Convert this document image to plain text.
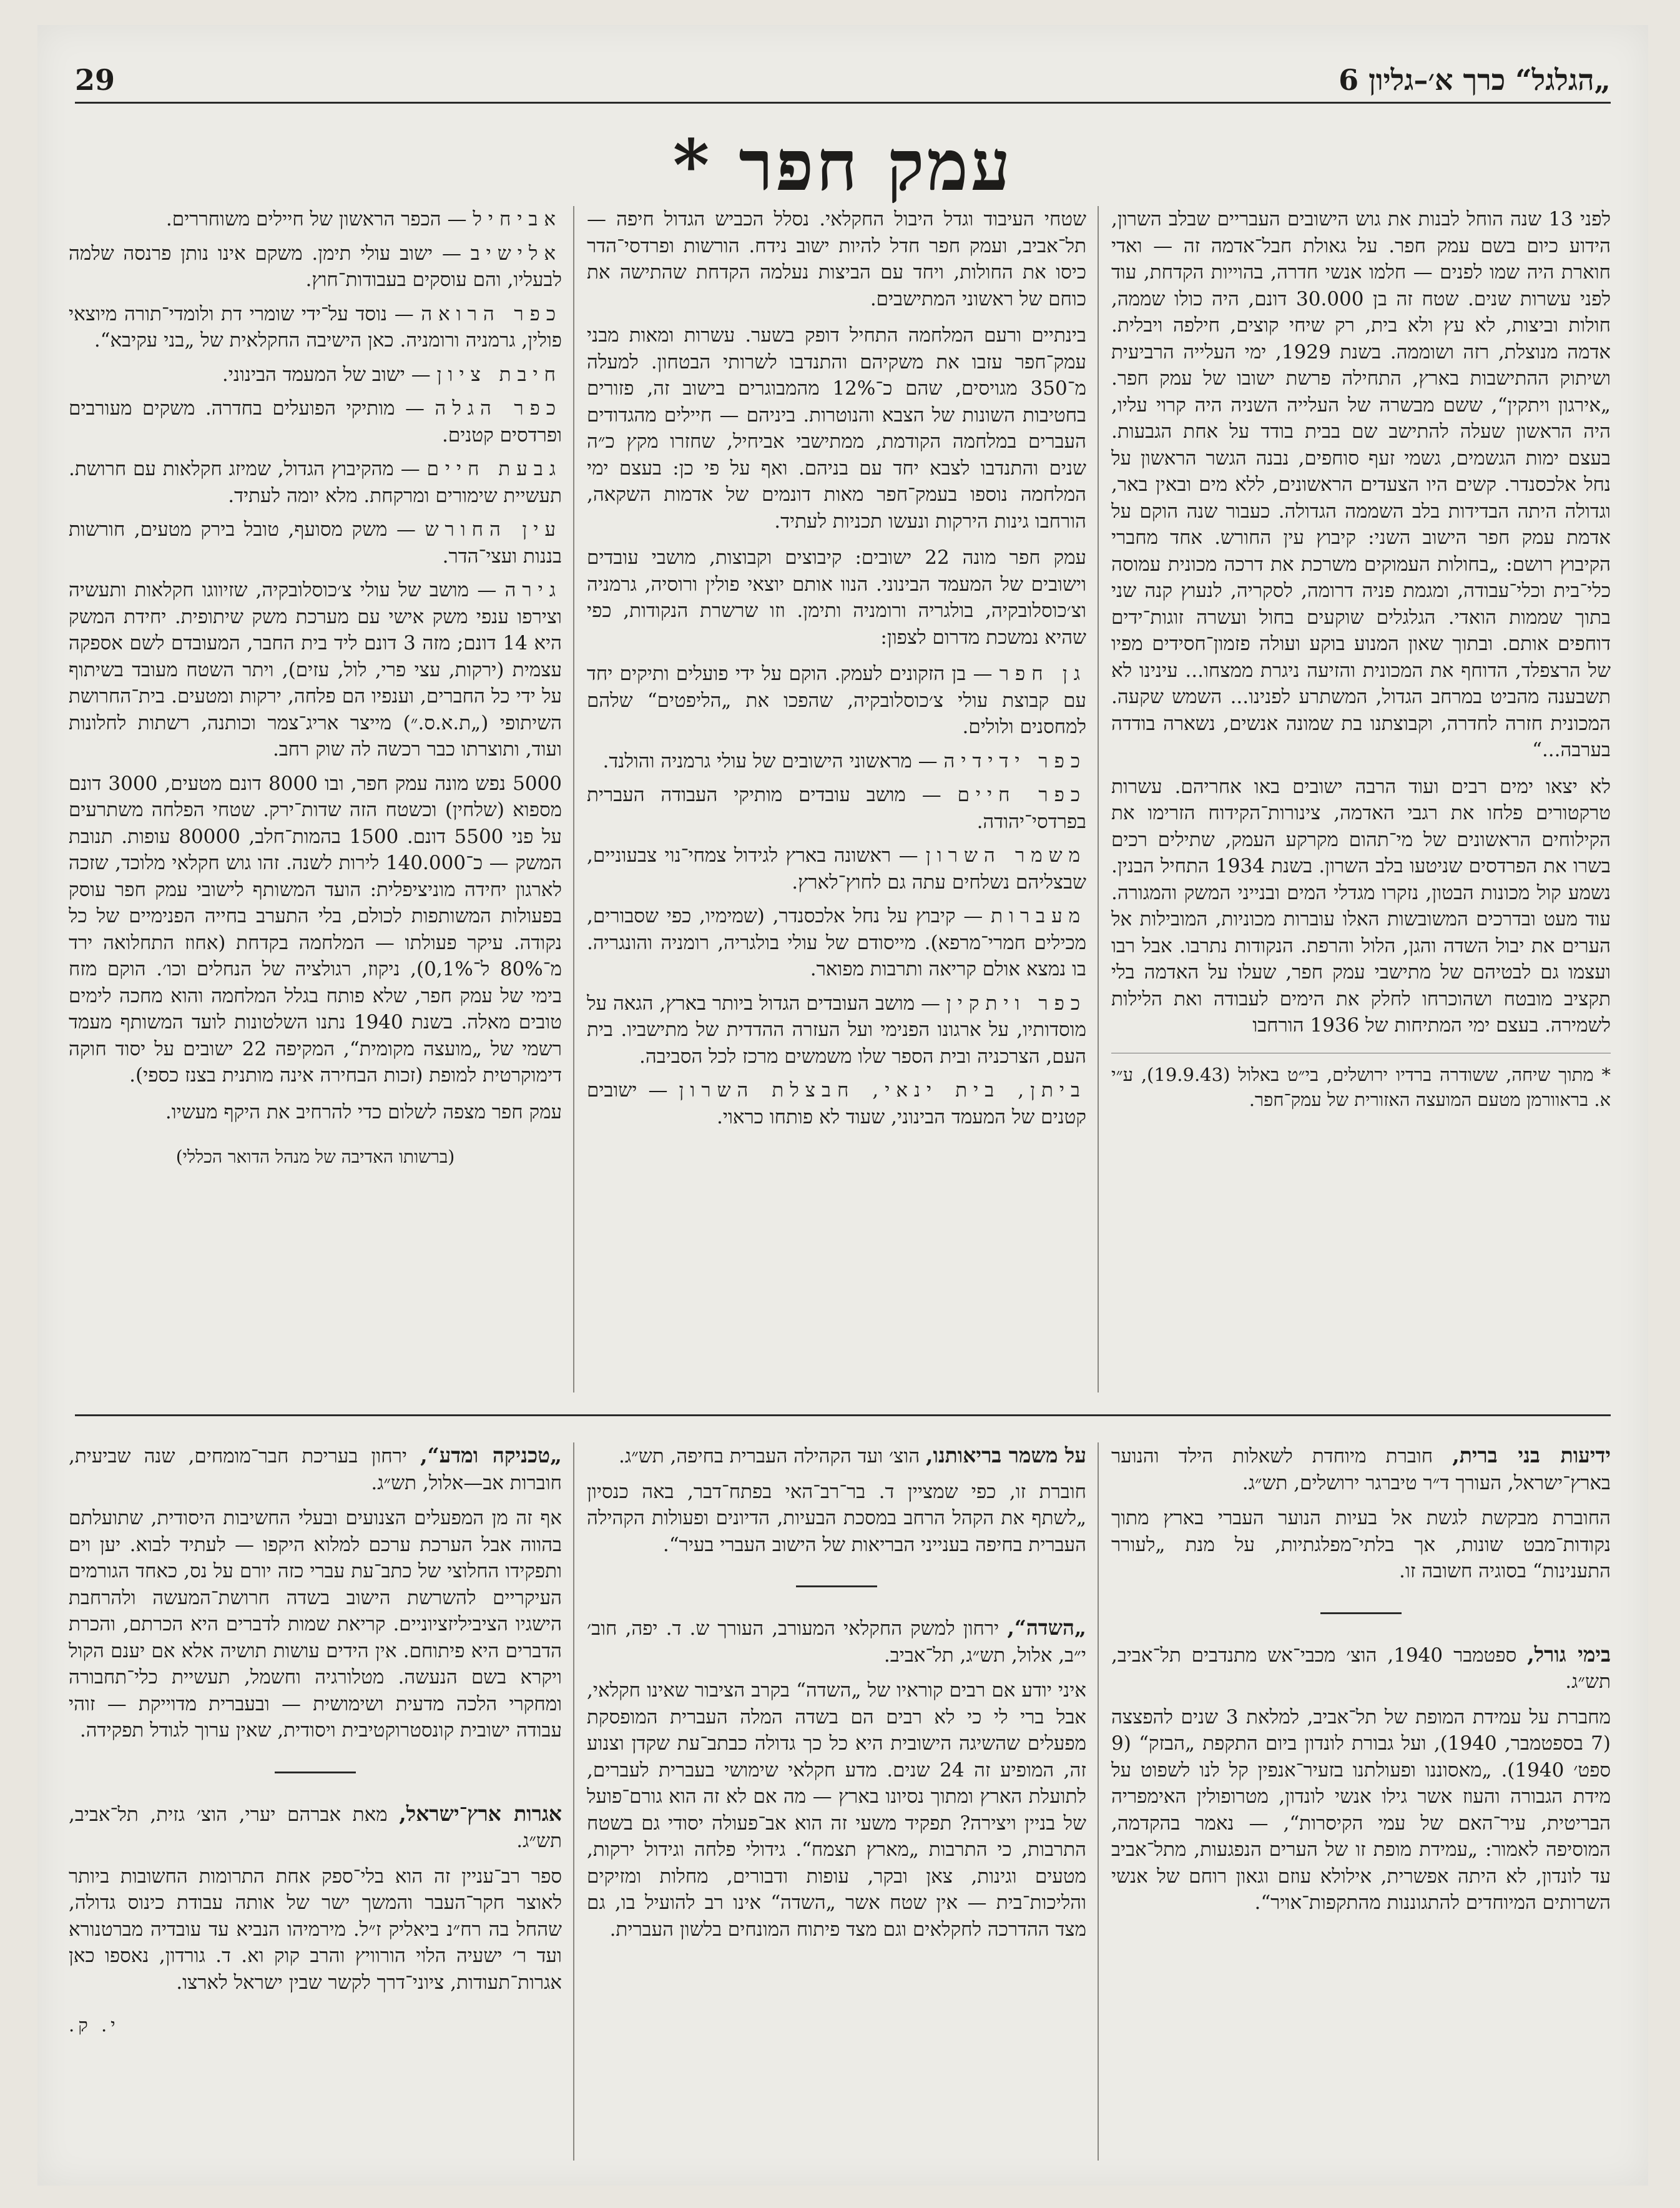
„הגלגל“ כרך א׳–גליון 6
29
עמק חפר *

לפני 13 שנה הוחל לבנות את גוש הישובים העבריים שבלב השרון, הידוע כיום בשם עמק חפר. על גאולת חבל־אדמה זה — ואדי חוארת היה שמו לפנים — חלמו אנשי חדרה, בהוייות הקדחת, עוד לפני עשרות שנים. שטח זה בן 30.000 דונם, היה כולו שממה, חולות וביצות, לא עץ ולא בית, רק שיחי קוצים, חילפה ויבלית. אדמה מנוצלת, רזה ושוממה. בשנת 1929, ימי העלייה הרביעית ושיתוק ההתישבות בארץ, התחילה פרשת ישובו של עמק חפר. „אירגון ויתקין“, ששם מבשרה של העלייה השניה היה קרוי עליו, היה הראשון שעלה להתישב שם בבית בודד על אחת הגבעות. בעצם ימות הגשמים, גשמי זעף סוחפים, נבנה הגשר הראשון על נחל אלכסנדר. קשים היו הצעדים הראשונים, ללא מים ובאין באר, וגדולה היתה הבדידות בלב השממה הגדולה. כעבור שנה הוקם על אדמת עמק חפר הישוב השני: קיבוץ עין החורש. אחד מחברי הקיבוץ רושם: „בחולות העמוקים משרכת את דרכה מכונית עמוסה כלי־בית וכלי־עבודה, ומגמת פניה דרומה, לסקריה, לנעוץ קנה שני בתוך שממות הואדי. הגלגלים שוקעים בחול ועשרה זוגות־ידים דוחפים אותם. ובתוך שאון המנוע בוקע ועולה פזמון־חסידים מפיו של הרצפלד, הדוחף את המכונית והזיעה ניגרת ממצחו... עינינו לא תשבענה מהביט במרחב הגדול, המשתרע לפנינו... השמש שקעה. המכונית חזרה לחדרה, וקבוצתנו בת שמונה אנשים, נשארה בודדה בערבה...“

לא יצאו ימים רבים ועוד הרבה ישובים באו אחריהם. עשרות טרקטורים פלחו את רגבי האדמה, צינורות־הקידוח הזרימו את הקילוחים הראשונים של מי־תהום מקרקע העמק, שתילים רכים בשרו את הפרדסים שניטעו בלב השרון. בשנת 1934 התחיל הבנין. נשמע קול מכונות הבטון, נזקרו מגדלי המים ובנייני המשק והמגורה. עוד מעט ובדרכים המשובשות האלו עוברות מכוניות, המובילות אל הערים את יבול השדה והגן, הלול והרפת. הנקודות נתרבו. אבל רבו ועצמו גם לבטיהם של מתישבי עמק חפר, שעלו על האדמה בלי תקציב מובטח ושהוכרחו לחלק את הימים לעבודה ואת הלילות לשמירה. בעצם ימי המתיחות של 1936 הורחבו

* מתוך שיחה, ששודרה ברדיו ירושלים, בי״ט באלול (19.9.43), ע״י א. בראוורמן מטעם המועצה האזורית של עמק־חפר.

שטחי העיבוד וגדל היבול החקלאי. נסלל הכביש הגדול חיפה — תל־אביב, ועמק חפר חדל להיות ישוב נידח. הורשות ופרדסי־הדר כיסו את החולות, ויחד עם הביצות נעלמה הקדחת שהתישה את כוחם של ראשוני המתישבים.

בינתיים ורעם המלחמה התחיל דופק בשער. עשרות ומאות מבני עמק־חפר עזבו את משקיהם והתנדבו לשרותי הבטחון. למעלה מ־350 מגויסים, שהם כ־12% מהמבוגרים בישוב זה, פזורים בחטיבות השונות של הצבא והנוטרות. ביניהם — חיילים מהגדודים העברים במלחמה הקודמת, ממתישבי אביחיל, שחזרו מקץ כ״ה שנים והתנדבו לצבא יחד עם בניהם. ואף על פי כן: בעצם ימי המלחמה נוספו בעמק־חפר מאות דונמים של אדמות השקאה, הורחבו גינות הירקות ונעשו תכניות לעתיד.

עמק חפר מונה 22 ישובים: קיבוצים וקבוצות, מושבי עובדים וישובים של המעמד הבינוני. הנוו אותם יוצאי פולין ורוסיה, גרמניה וצ׳כוסלובקיה, בולגריה ורומניה ותימן. וזו שרשרת הנקודות, כפי שהיא נמשכת מדרום לצפון:

גן חפר — בן הזקונים לעמק. הוקם על ידי פועלים ותיקים יחד עם קבוצת עולי צ׳כוסלובקיה, שהפכו את „הליפטים“ שלהם למחסנים ולולים.

כפר ידידיה — מראשוני הישובים של עולי גרמניה והולנד.

כפר חיים — מושב עובדים מותיקי העבודה העברית בפרדסי־יהודה.

משמר השרון — ראשונה בארץ לגידול צמחי־נוי צבעוניים, שבצליהם נשלחים עתה גם לחוץ־לארץ.

מעברות — קיבוץ על נחל אלכסנדר, (שמימיו, כפי שסבורים, מכילים חמרי־מרפא). מייסודם של עולי בולגריה, רומניה והונגריה. בו נמצא אולם קריאה ותרבות מפואר.

כפר ויתקין — מושב העובדים הגדול ביותר בארץ, הגאה על מוסדותיו, על ארגונו הפנימי ועל העזרה ההדדית של מתישביו. בית העם, הצרכניה ובית הספר שלו משמשים מרכז לכל הסביבה.

ביתן, בית ינאי, חבצלת השרון — ישובים קטנים של המעמד הבינוני, שעוד לא פותחו כראוי.

אביחיל — הכפר הראשון של חיילים משוחררים.

אלישיב — ישוב עולי תימן. משקם אינו נותן פרנסה שלמה לבעליו, והם עוסקים בעבודות־חוץ.

כפר הרואה — נוסד על־ידי שומרי דת ולומדי־תורה מיוצאי פולין, גרמניה ורומניה. כאן הישיבה החקלאית של „בני עקיבא“.

חיבת ציון — ישוב של המעמד הבינוני.

כפר הגלה — מותיקי הפועלים בחדרה. משקים מעורבים ופרדסים קטנים.

גבעת חיים — מהקיבוץ הגדול, שמיזג חקלאות עם חרושת. תעשיית שימורים ומרקחת. מלא יומה לעתיד.

עין החורש — משק מסועף, טובל בירק מטעים, חורשות בננות ועצי־הדר.

גירה — מושב של עולי צ׳כוסלובקיה, שזיווגו חקלאות ותעשיה וצירפו ענפי משק אישי עם מערכת משק שיתופית. יחידת המשק היא 14 דונם; מזה 3 דונם ליד בית החבר, המעובדם לשם אספקה עצמית (ירקות, עצי פרי, לול, עזים), ויתר השטח מעובד בשיתוף על ידי כל החברים, וענפיו הם פלחה, ירקות ומטעים. בית־החרושת השיתופי („ת.א.ס.״) מייצר אריג־צמר וכותנה, רשתות לחלונות ועוד, ותוצרתו כבר רכשה לה שוק רחב.

5000 נפש מונה עמק חפר, ובו 8000 דונם מטעים, 3000 דונם מספוא (שלחין) וכשטח הזה שדות־ירק. שטחי הפלחה משתרעים על פני 5500 דונם. 1500 בהמות־חלב, 80000 עופות. תנובת המשק — כ־140.000 לירות לשנה. זהו גוש חקלאי מלוכד, שזכה לארגון יחידה מוניציפלית: הועד המשותף לישובי עמק חפר עוסק בפעולות המשותפות לכולם, בלי התערב בחייה הפנימיים של כל נקודה. עיקר פעולתו — המלחמה בקדחת (אחוז התחלואה ירד מ־80% ל־0,1%), ניקוז, רגולציה של הנחלים וכו׳. הוקם מזח בימי של עמק חפר, שלא פותח בגלל המלחמה והוא מחכה לימים טובים מאלה. בשנת 1940 נתנו השלטונות לועד המשותף מעמד רשמי של „מועצה מקומית“, המקיפה 22 ישובים על יסוד חוקה דימוקרטית למופת (זכות הבחירה אינה מותנית בצנז כספי).

עמק חפר מצפה לשלום כדי להרחיב את היקף מעשיו.

(ברשותו האדיבה של מנהל הדואר הכללי)

ידיעות בני ברית, חוברת מיוחדת לשאלות הילד והנוער בארץ־ישראל, העורך ד״ר טיברגר ירושלים, תש״ג.

החוברת מבקשת לגשת אל בעיות הנוער העברי בארץ מתוך נקודות־מבט שונות, אך בלתי־מפלגתיות, על מנת „לעורר התענינות“ בסוגיה חשובה זו.

בימי גורל, ספטמבר 1940, הוצ׳ מכבי־אש מתנדבים תל־אביב, תש״ג.

מחברת על עמידת המופת של תל־אביב, למלאת 3 שנים להפצצה (7 בספטמבר, 1940), ועל גבורת לונדון ביום התקפת „הבזק“ (9 ספט׳ 1940). „מאסוננו ופעולתנו בזעיר־אנפין קל לנו לשפוט על מידת הגבורה והעוז אשר גילו אנשי לונדון, מטרופולין האימפריה הבריטית, עיר־האם של עמי הקיסרות“, — נאמר בהקדמה, המוסיפה לאמור: „עמידת מופת זו של הערים הנפגעות, מתל־אביב עד לונדון, לא היתה אפשרית, אילולא עוזם וגאון רוחם של אנשי השרותים המיוחדים להתגוננות מהתקפות־אויר“.

על משמר בריאותנו, הוצ׳ ועד הקהילה העברית בחיפה, תש״ג.

חוברת זו, כפי שמציין ד. בר־רב־האי בפתח־דבר, באה כנסיון „לשתף את הקהל הרחב במסכת הבעיות, הדיונים ופעולות הקהילה העברית בחיפה בענייני הבריאות של הישוב העברי בעיר“.

„השדה“, ירחון למשק החקלאי המעורב, העורך ש. ד. יפה, חוב׳ י״ב, אלול, תש״ג, תל־אביב.

איני יודע אם רבים קוראיו של „השדה“ בקרב הציבור שאינו חקלאי, אבל ברי לי כי לא רבים הם בשדה המלה העברית המופסקת מפעלים שהשיגה הישובית היא כל כך גדולה כבתב־עת שקדן וצנוע זה, המופיע זה 24 שנים. מדע חקלאי שימושי בעברית לעברים, לתועלת הארץ ומתוך נסיונו בארץ — מה אם לא זה הוא גורם־פועל של בניין ויצירה? תפקיד משעי זה הוא אב־פעולה יסודי גם בשטח התרבות, כי התרבות „מארץ תצמח“. גידולי פלחה וגידול ירקות, מטעים וגינות, צאן ובקר, עופות ודבורים, מחלות ומזיקים והליכות־בית — אין שטח אשר „השדה“ אינו רב להועיל בו, גם מצד ההדרכה לחקלאים וגם מצד פיתוח המונחים בלשון העברית.

„טכניקה ומדע“, ירחון בעריכת חבר־מומחים, שנה שביעית, חוברות אב—אלול, תש״ג.

אף זה מן המפעלים הצנועים ובעלי החשיבות היסודית, שתועלתם בהווה אבל הערכת ערכם למלוא היקפו — לעתיד לבוא. יען וים ותפקידו החלוצי של כתב־עת עברי כזה יורם על נס, כאחד הגורמים העיקריים להשרשת הישוב בשדה חרושת־המעשה ולהרחבת הישגיו הציביליזציוניים. קריאת שמות לדברים היא הכרתם, והכרת הדברים היא פיתוחם. אין הידים עושות תושיה אלא אם יענם הקול ויקרא בשם הנעשה. מטלורגיה וחשמל, תעשיית כלי־תחבורה ומחקרי הלכה מדעית ושימושית — ובעברית מדוייקת — זוהי עבודה ישובית קונסטרוקטיבית ויסודית, שאין ערוך לגודל תפקידה.

אגרות ארץ־ישראל, מאת אברהם יערי, הוצ׳ גזית, תל־אביב, תש״ג.

ספר רב־עניין זה הוא בלי־ספק אחת התרומות החשובות ביותר לאוצר חקר־העבר והמשך ישר של אותה עבודת כינוס גדולה, שהחל בה רח״נ ביאליק ז״ל. מירמיהו הנביא עד עובדיה מברטנורא ועד ר׳ ישעיה הלוי הורוויץ והרב קוק וא. ד. גורדון, נאספו כאן אגרות־תעודות, ציוני־דרך לקשר שבין ישראל לארצו.

י. ק.
